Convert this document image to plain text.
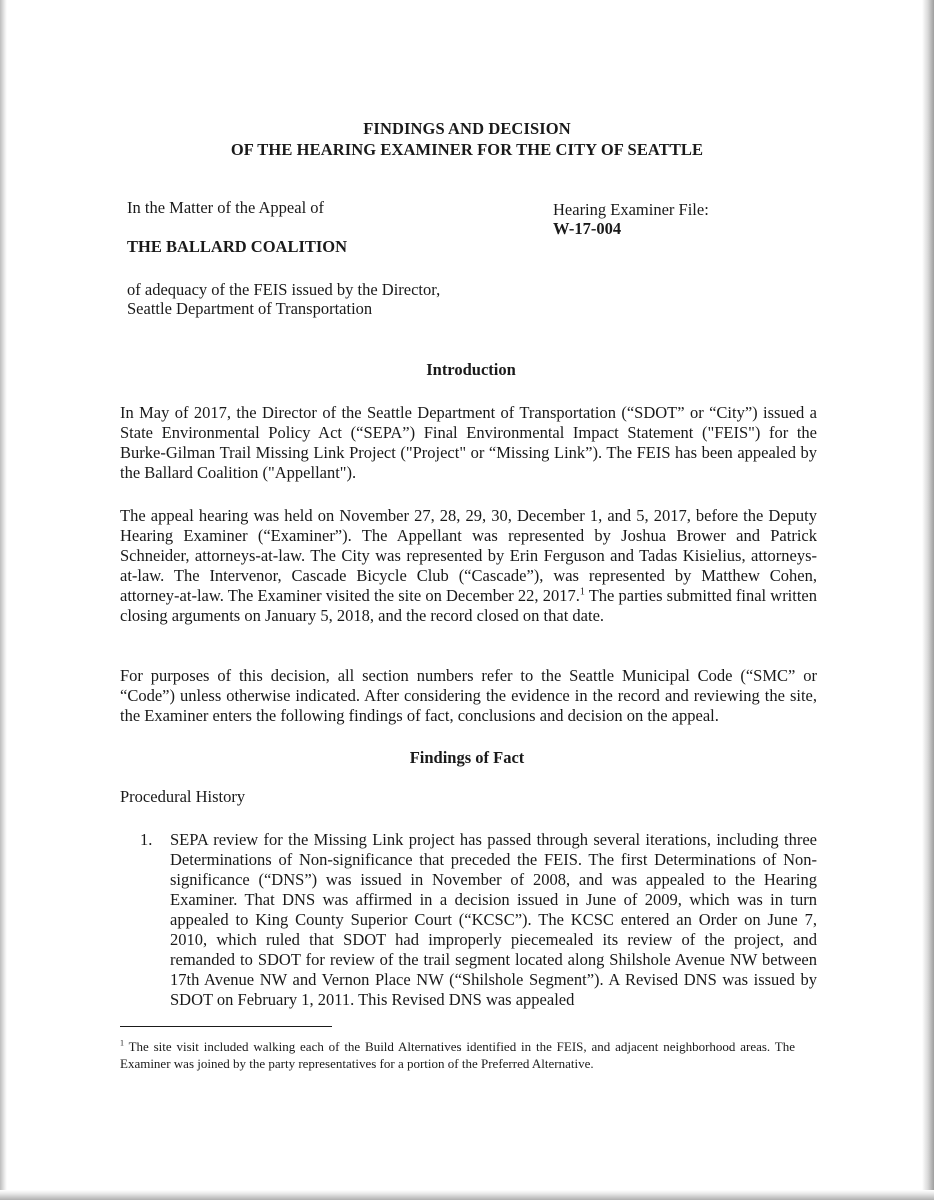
FINDINGS AND DECISION
OF THE HEARING EXAMINER FOR THE CITY OF SEATTLE
In the Matter of the Appeal of	Hearing Examiner File:
W-17-004
THE BALLARD COALITION
of adequacy of the FEIS issued by the Director,
Seattle Department of Transportation
Introduction
In May of 2017, the Director of the Seattle Department of Transportation (“SDOT” or “City”) issued a State Environmental Policy Act (“SEPA”) Final Environmental Impact Statement ("FEIS") for the Burke-Gilman Trail Missing Link Project ("Project" or “Missing Link”). The FEIS has been appealed by the Ballard Coalition ("Appellant").
The appeal hearing was held on November 27, 28, 29, 30, December 1, and 5, 2017, before the Deputy Hearing Examiner (“Examiner”). The Appellant was represented by Joshua Brower and Patrick Schneider, attorneys-at-law. The City was represented by Erin Ferguson and Tadas Kisielius, attorneys-at-law. The Intervenor, Cascade Bicycle Club (“Cascade”), was represented by Matthew Cohen, attorney-at-law. The Examiner visited the site on December 22, 2017.$^1$ The parties submitted final written closing arguments on January 5, 2018, and the record closed on that date.
For purposes of this decision, all section numbers refer to the Seattle Municipal Code (“SMC” or “Code”) unless otherwise indicated. After considering the evidence in the record and reviewing the site, the Examiner enters the following findings of fact, conclusions and decision on the appeal.
Findings of Fact
Procedural History
1. SEPA review for the Missing Link project has passed through several iterations, including three Determinations of Non-significance that preceded the FEIS. The first Determinations of Non-significance (“DNS”) was issued in November of 2008, and was appealed to the Hearing Examiner. That DNS was affirmed in a decision issued in June of 2009, which was in turn appealed to King County Superior Court (“KCSC”). The KCSC entered an Order on June 7, 2010, which ruled that SDOT had improperly piecemealed its review of the project, and remanded to SDOT for review of the trail segment located along Shilshole Avenue NW between 17th Avenue NW and Vernon Place NW (“Shilshole Segment”). A Revised DNS was issued by SDOT on February 1, 2011. This Revised DNS was appealed
$^1$ The site visit included walking each of the Build Alternatives identified in the FEIS, and adjacent neighborhood areas. The Examiner was joined by the party representatives for a portion of the Preferred Alternative.
